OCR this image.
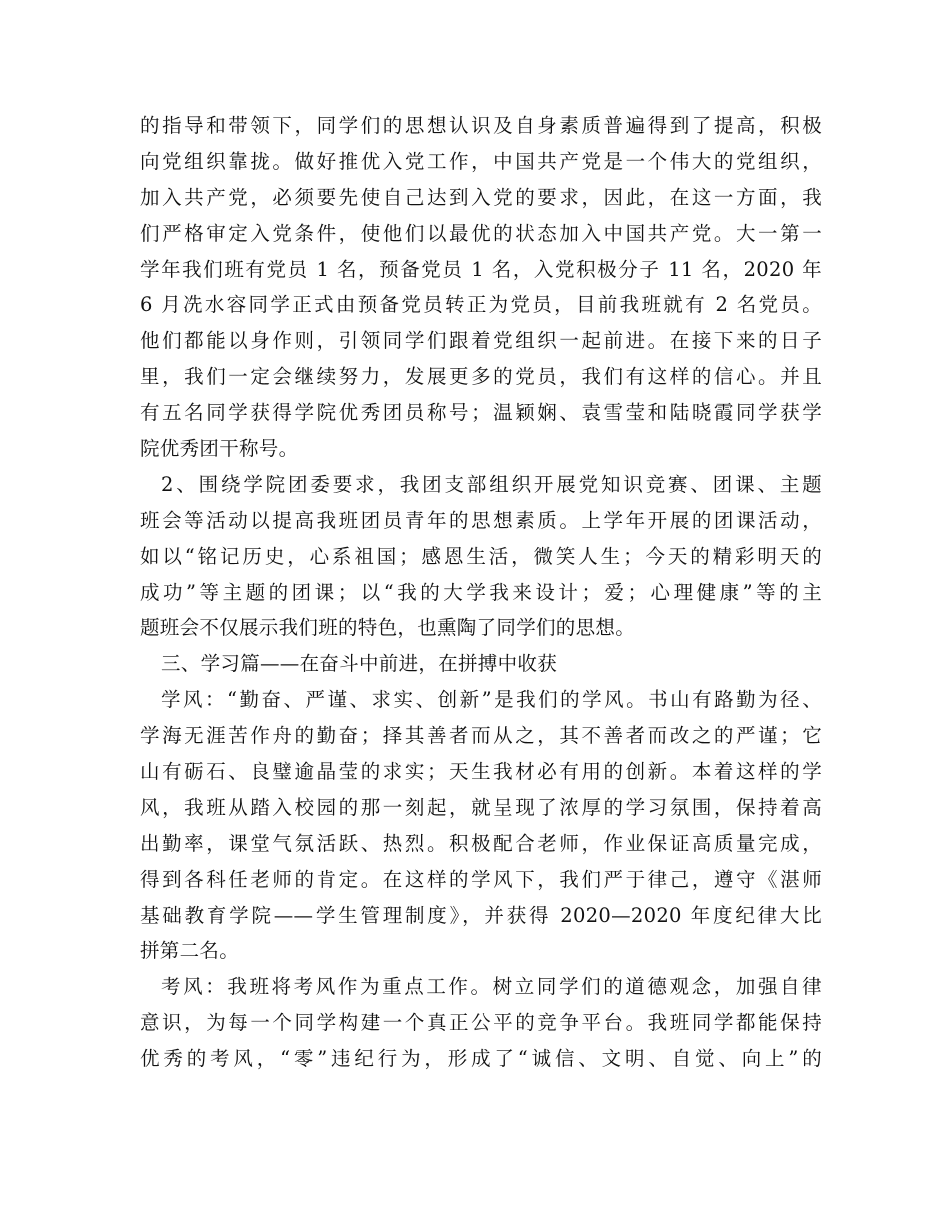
的指导和带领下，同学们的思想认识及自身素质普遍得到了提高，积极
向党组织靠拢。做好推优入党工作，中国共产党是一个伟大的党组织，
加入共产党，必须要先使自己达到入党的要求，因此，在这一方面，我
们严格审定入党条件，使他们以最优的状态加入中国共产党。大一第一
学年我们班有党员 1 名，预备党员 1 名，入党积极分子 11 名，2020 年
6 月冼水容同学正式由预备党员转正为党员，目前我班就有 2 名党员。
他们都能以身作则，引领同学们跟着党组织一起前进。在接下来的日子
里，我们一定会继续努力，发展更多的党员，我们有这样的信心。并且
有五名同学获得学院优秀团员称号；温颖娴、袁雪莹和陆晓霞同学获学
院优秀团干称号。
2、围绕学院团委要求，我团支部组织开展党知识竞赛、团课、主题
班会等活动以提高我班团员青年的思想素质。上学年开展的团课活动，
如以“铭记历史，心系祖国；感恩生活，微笑人生；今天的精彩明天的
成功”等主题的团课；以“我的大学我来设计；爱；心理健康”等的主
题班会不仅展示我们班的特色，也熏陶了同学们的思想。
三、学习篇——在奋斗中前进，在拼搏中收获
学风：“勤奋、严谨、求实、创新”是我们的学风。书山有路勤为径、
学海无涯苦作舟的勤奋；择其善者而从之，其不善者而改之的严谨；它
山有砺石、良璧逾晶莹的求实；天生我材必有用的创新。本着这样的学
风，我班从踏入校园的那一刻起，就呈现了浓厚的学习氛围，保持着高
出勤率，课堂气氛活跃、热烈。积极配合老师，作业保证高质量完成，
得到各科任老师的肯定。在这样的学风下，我们严于律己，遵守《湛师
基础教育学院——学生管理制度》，并获得 2020—2020 年度纪律大比
拼第二名。
考风：我班将考风作为重点工作。树立同学们的道德观念，加强自律
意识，为每一个同学构建一个真正公平的竞争平台。我班同学都能保持
优秀的考风，“零”违纪行为，形成了“诚信、文明、自觉、向上”的
